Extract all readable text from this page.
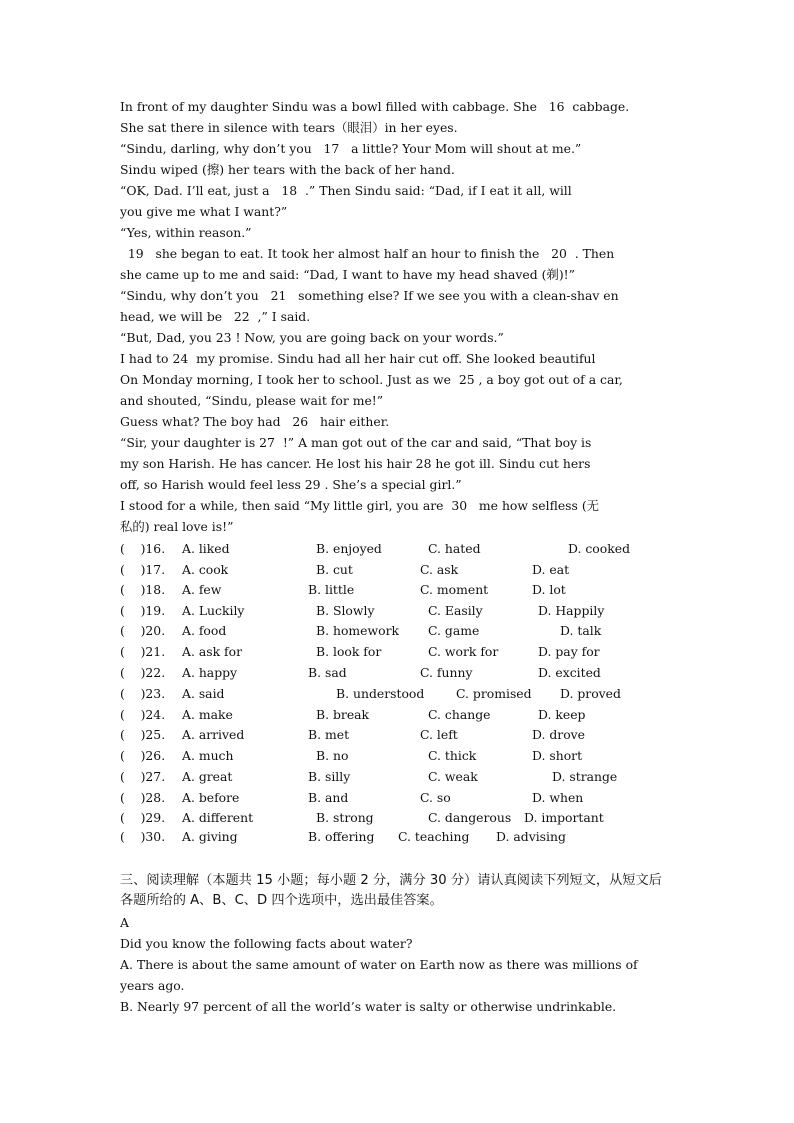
In front of my daughter Sindu was a bowl filled with cabbage. She   16  cabbage.
She sat there in silence with tears（眼泪）in her eyes.
“Sindu, darling, why don’t you   17   a little? Your Mom will shout at me.”
Sindu wiped (擦) her tears with the back of her hand.
“OK, Dad. I’ll eat, just a   18  .” Then Sindu said: “Dad, if I eat it all, will
you give me what I want?”
“Yes, within reason.”
19   she began to eat. It took her almost half an hour to finish the   20  . Then
she came up to me and said: “Dad, I want to have my head shaved (剃)!”
“Sindu, why don’t you   21   something else? If we see you with a clean-shav en
head, we will be   22  ,” I said.
“But, Dad, you 23 ! Now, you are going back on your words.”
I had to 24  my promise. Sindu had all her hair cut off. She looked beautiful
On Monday morning, I took her to school. Just as we  25 , a boy got out of a car,
and shouted, “Sindu, please wait for me!”
Guess what? The boy had   26   hair either.
“Sir, your daughter is 27  !” A man got out of the car and said, “That boy is
my son Harish. He has cancer. He lost his hair 28 he got ill. Sindu cut hers
off, so Harish would feel less 29 . She’s a special girl.”
I stood for a while, then said “My little girl, you are  30   me how selfless (无
私的) real love is!”
(    )16. A. liked	B. enjoyed	C. hated	D. cooked
(    )17. A. cook	B. cut	C. ask	D. eat
(    )18. A. few	B. little	C. moment	D. lot
(    )19. A. Luckily	B. Slowly	C. Easily	D. Happily
(    )20. A. food	B. homework C. game	D. talk
(    )21. A. ask for	B. look for	C. work for	D. pay for
(    )22. A. happy	B. sad	C. funny	D. excited
(    )23. A. said	B. understood	C. promised D. proved
(    )24. A. make	B. break	C. change	D. keep
(    )25. A. arrived	B. met	C. left	D. drove
(    )26. A. much	B. no	C. thick	D. short
(    )27. A. great	B. silly	C. weak	D. strange
(    )28. A. before	B. and	C. so	D. when
(    )29. A. different	B. strong	C. dangerous D. important
(    )30. A. giving	B. offering C. teaching D. advising
三、阅读理解（本题共 15 小题；每小题 2 分，满分 30 分）请认真阅读下列短文，从短文后
各题所给的 A、B、C、D 四个选项中，选出最佳答案。
A
Did you know the following facts about water?
A. There is about the same amount of water on Earth now as there was millions of
years ago.
B. Nearly 97 percent of all the world’s water is salty or otherwise undrinkable.
